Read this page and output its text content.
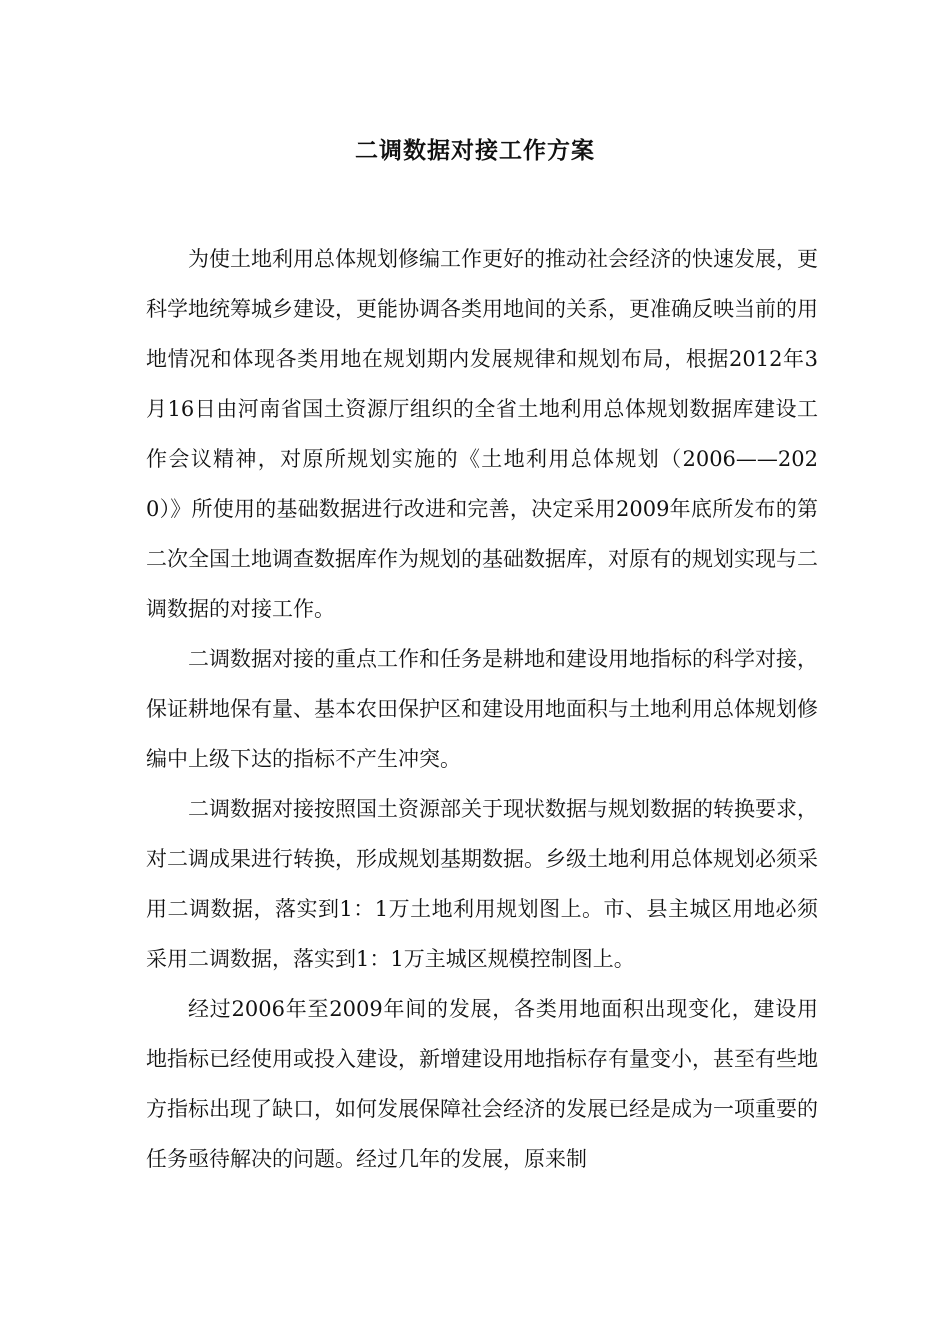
二调数据对接工作方案

为使土地利用总体规划修编工作更好的推动社会经济的快速发展，更科学地统筹城乡建设，更能协调各类用地间的关系，更准确反映当前的用地情况和体现各类用地在规划期内发展规律和规划布局，根据2012年3月16日由河南省国土资源厅组织的全省土地利用总体规划数据库建设工作会议精神，对原所规划实施的《土地利用总体规划（2006——2020）》所使用的基础数据进行改进和完善，决定采用2009年底所发布的第二次全国土地调查数据库作为规划的基础数据库，对原有的规划实现与二调数据的对接工作。

二调数据对接的重点工作和任务是耕地和建设用地指标的科学对接，保证耕地保有量、基本农田保护区和建设用地面积与土地利用总体规划修编中上级下达的指标不产生冲突。

二调数据对接按照国土资源部关于现状数据与规划数据的转换要求，对二调成果进行转换，形成规划基期数据。乡级土地利用总体规划必须采用二调数据，落实到1：1万土地利用规划图上。市、县主城区用地必须采用二调数据，落实到1：1万主城区规模控制图上。

经过2006年至2009年间的发展，各类用地面积出现变化，建设用地指标已经使用或投入建设，新增建设用地指标存有量变小，甚至有些地方指标出现了缺口，如何发展保障社会经济的发展已经是成为一项重要的任务亟待解决的问题。经过几年的发展，原来制
